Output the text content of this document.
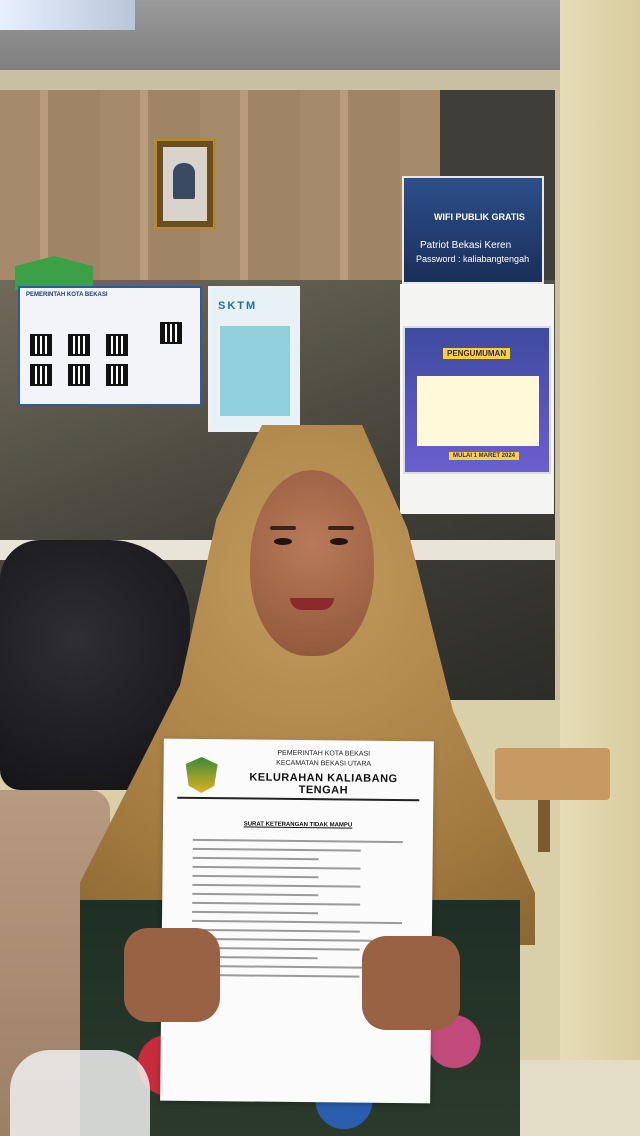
WIFI PUBLIK GRATIS
Patriot Bekasi Keren
Password : kaliabangtengah
PEMERINTAH KOTA BEKASI
SKTM
PENGUMUMAN
MULAI 1 MARET 2024
PEMERINTAH KOTA BEKASI
KECAMATAN BEKASI UTARA
KELURAHAN KALIABANG TENGAH
SURAT KETERANGAN TIDAK MAMPU
